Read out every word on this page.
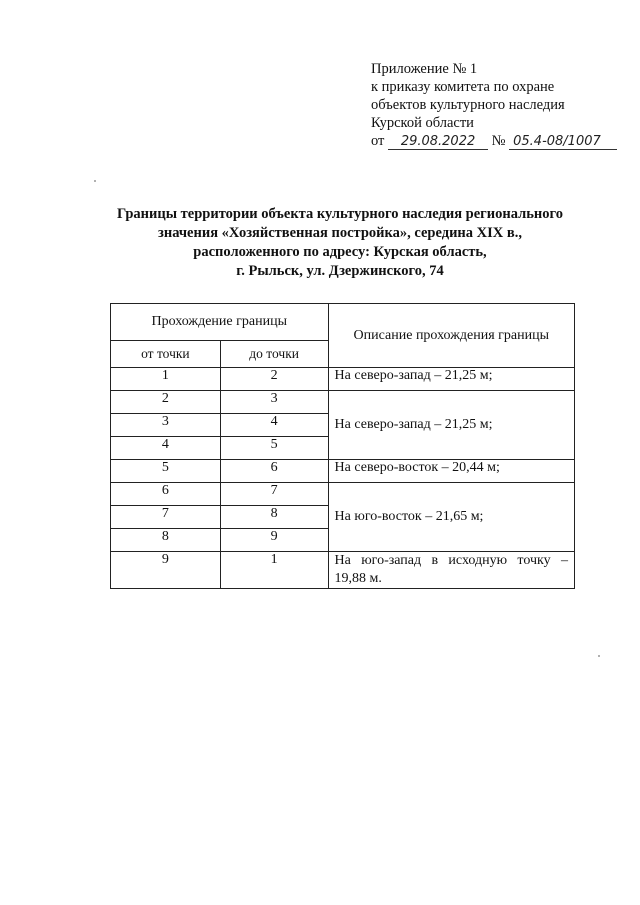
Приложение № 1
к приказу комитета по охране
объектов культурного наследия
Курской области
от 29.08.2022 № 05.4-08/1007
Границы территории объекта культурного наследия регионального
значения «Хозяйственная постройка», середина XIX в.,
расположенного по адресу: Курская область,
г. Рыльск, ул. Дзержинского, 74
Прохождение границы		Описание прохождения границы
от точки	до точки	
1	2	На северо-запад – 21,25 м;
2	3	На северо-запад – 21,25 м;
3	4	
4	5	
5	6	На северо-восток – 20,44 м;
6	7	На юго-восток – 21,65 м;
7	8	
8	9	
9	1	На юго-запад в исходную точку – 19,88 м.
